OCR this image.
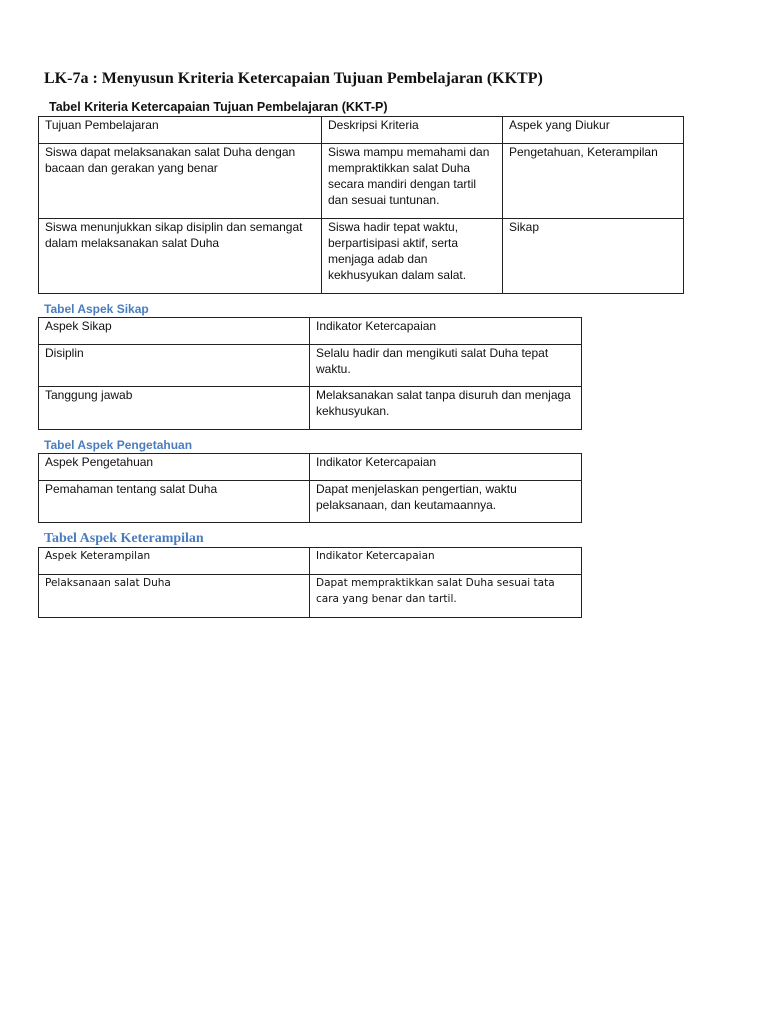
LK-7a : Menyusun Kriteria Ketercapaian Tujuan Pembelajaran (KKTP)

Tabel Kriteria Ketercapaian Tujuan Pembelajaran (KKT-P)

Tujuan Pembelajaran	Deskripsi Kriteria	Aspek yang Diukur
Siswa dapat melaksanakan salat Duha dengan bacaan dan gerakan yang benar	Siswa mampu memahami dan mempraktikkan salat Duha secara mandiri dengan tartil dan sesuai tuntunan.	Pengetahuan, Keterampilan
Siswa menunjukkan sikap disiplin dan semangat dalam melaksanakan salat Duha	Siswa hadir tepat waktu, berpartisipasi aktif, serta menjaga adab dan kekhusyukan dalam salat.	Sikap

Tabel Aspek Sikap

Aspek Sikap	Indikator Ketercapaian
Disiplin	Selalu hadir dan mengikuti salat Duha tepat waktu.
Tanggung jawab	Melaksanakan salat tanpa disuruh dan menjaga kekhusyukan.

Tabel Aspek Pengetahuan

Aspek Pengetahuan	Indikator Ketercapaian
Pemahaman tentang salat Duha	Dapat menjelaskan pengertian, waktu pelaksanaan, dan keutamaannya.

Tabel Aspek Keterampilan

Aspek Keterampilan	Indikator Ketercapaian
Pelaksanaan salat Duha	Dapat mempraktikkan salat Duha sesuai tata cara yang benar dan tartil.
